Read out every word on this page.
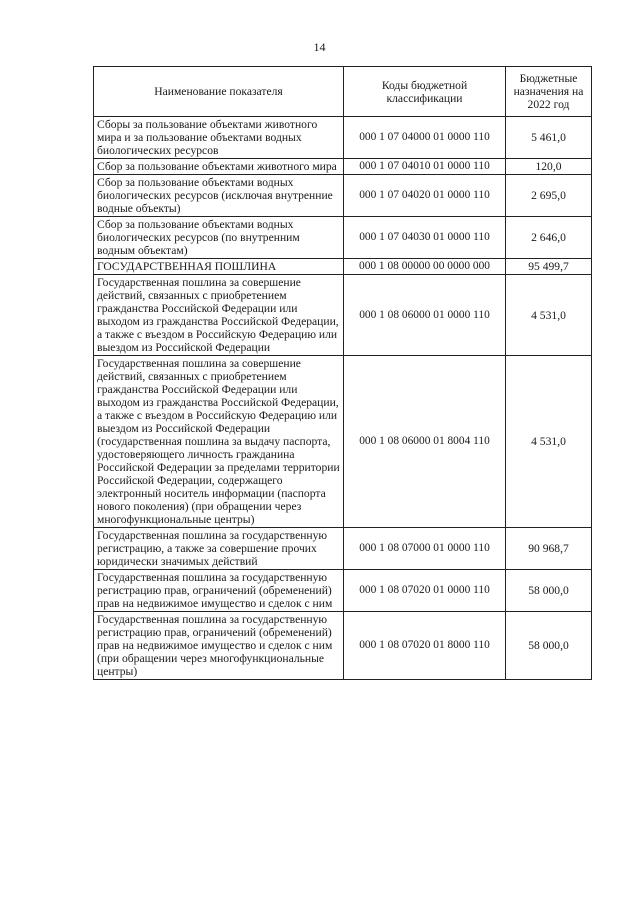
14
Наименование показателя	Коды бюджетной классификации	Бюджетные назначения на 2022 год
Сборы за пользование объектами животного мира и за пользование объектами водных биологических ресурсов	000 1 07 04000 01 0000 110	5 461,0
Сбор за пользование объектами животного мира	000 1 07 04010 01 0000 110	120,0
Сбор за пользование объектами водных биологических ресурсов (исключая внутренние водные объекты)	000 1 07 04020 01 0000 110	2 695,0
Сбор за пользование объектами водных биологических ресурсов (по внутренним водным объектам)	000 1 07 04030 01 0000 110	2 646,0
ГОСУДАРСТВЕННАЯ ПОШЛИНА	000 1 08 00000 00 0000 000	95 499,7
Государственная пошлина за совершение действий, связанных с приобретением гражданства Российской Федерации или выходом из гражданства Российской Федерации, а также с въездом в Российскую Федерацию или выездом из Российской Федерации	000 1 08 06000 01 0000 110	4 531,0
Государственная пошлина за совершение действий, связанных с приобретением гражданства Российской Федерации или выходом из гражданства Российской Федерации, а также с въездом в Российскую Федерацию или выездом из Российской Федерации (государственная пошлина за выдачу паспорта, удостоверяющего личность гражданина Российской Федерации за пределами территории Российской Федерации, содержащего электронный носитель информации (паспорта нового поколения) (при обращении через многофункциональные центры)	000 1 08 06000 01 8004 110	4 531,0
Государственная пошлина за государственную регистрацию, а также за совершение прочих юридически значимых действий	000 1 08 07000 01 0000 110	90 968,7
Государственная пошлина за государственную регистрацию прав, ограничений (обременений) прав на недвижимое имущество и сделок с ним	000 1 08 07020 01 0000 110	58 000,0
Государственная пошлина за государственную регистрацию прав, ограничений (обременений) прав на недвижимое имущество и сделок с ним (при обращении через многофункциональные центры)	000 1 08 07020 01 8000 110	58 000,0
